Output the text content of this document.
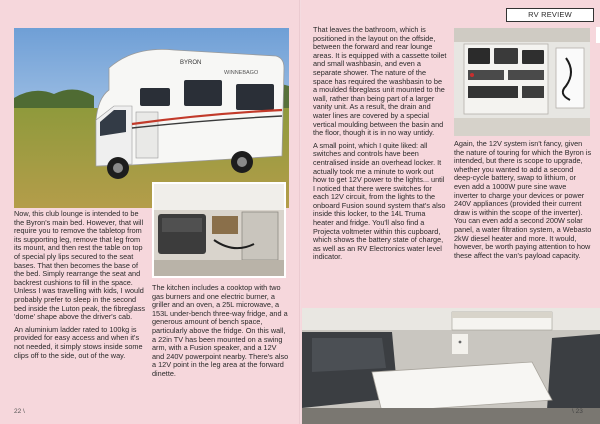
BYRON
WINNEBAGO

Now, this club lounge is intended to be the Byron's main bed. However, that will require you to remove the tabletop from its supporting leg, remove that leg from its mount, and then rest the table on top of special ply lips secured to the seat bases. That then becomes the base of the bed. Simply rearrange the seat and backrest cushions to fill in the space. Unless I was travelling with kids, I would probably prefer to sleep in the second bed inside the Luton peak, the fibreglass 'dome' shape above the driver's cab.

An aluminium ladder rated to 100kg is provided for easy access and when it's not needed, it simply stows inside some clips off to the side, out of the way.

The kitchen includes a cooktop with two gas burners and one electric burner, a griller and an oven, a 25L microwave, a 153L under-bench three-way fridge, and a generous amount of bench space, particularly above the fridge. On this wall, a 22in TV has been mounted on a swing arm, with a Fusion speaker, and a 12V and 240V powerpoint nearby. There's also a 12V point in the leg area at the forward dinette.

22 \
RV REVIEW

That leaves the bathroom, which is positioned in the layout on the offside, between the forward and rear lounge areas. It is equipped with a cassette toilet and small washbasin, and even a separate shower. The nature of the space has required the washbasin to be a moulded fibreglass unit mounted to the wall, rather than being part of a larger vanity unit. As a result, the drain and water lines are covered by a special vertical moulding between the basin and the floor, though it is in no way untidy.

A small point, which I quite liked: all switches and controls have been centralised inside an overhead locker. It actually took me a minute to work out how to get 12V power to the lights... until I noticed that there were switches for each 12V circuit, from the lights to the onboard Fusion sound system that's also inside this locker, to the 14L Truma heater and fridge. You'll also find a Projecta voltmeter within this cupboard, which shows the battery state of charge, as well as an RV Electronics water level indicator.

Again, the 12V system isn't fancy, given the nature of touring for which the Byron is intended, but there is scope to upgrade, whether you wanted to add a second deep-cycle battery, swap to lithium, or even add a 1000W pure sine wave inverter to charge your devices or power 240V appliances (provided their current draw is within the scope of the inverter). You can even add a second 200W solar panel, a water filtration system, a Webasto 2kW diesel heater and more. It would, however, be worth paying attention to how these affect the van's payload capacity.

\ 23
